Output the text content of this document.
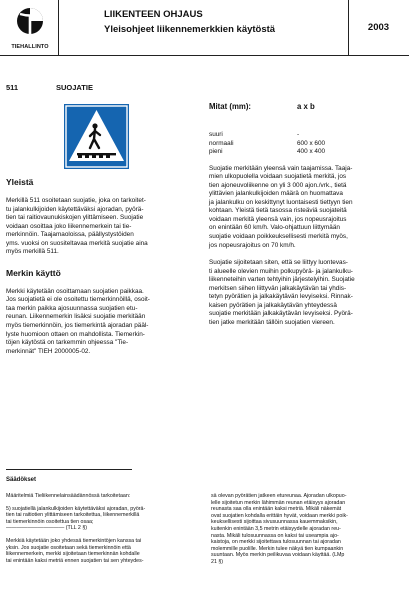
TIEHALLINTO
LIIKENTEEN OHJAUS
Yleisohjeet liikennemerkkien käytöstä	2003
511	SUOJATIE
Yleistä

Merkillä 511 osoitetaan suojatie, joka on tarkoitet-
tu jalankulkijoiden käytettäväksi ajoradan, pyörä-
tien tai raitiovaunukiskojen ylittämiseen. Suojatie
voidaan osoittaa joko liikennemerkein tai tie-
merkinnöin. Taajamaoloissa, päällystystöiden
yms. vuoksi on suositeltavaa merkitä suojatie aina
myös merkillä 511.

Merkin käyttö

Merkki käytetään osoittamaan suojatien paikkaa.
Jos suojatietä ei ole osoitettu tiemerkinnöillä, osoit-
taa merkin paikka ajosuunnassa suojatien etu-
reunan. Liikennemerkin lisäksi suojatie merkitään
myös tiemerkinnöin, jos tiemerkintä ajoradan pääl-
lyste huomioon ottaen on mahdollista. Tiemerkin-
töjen käytöstä on tarkemmin ohjeessa "Tie-
merkinnät" TIEH 2000005-02.

Mitat (mm):	a x b

suuri	-
normaali	600 x 600
pieni	400 x 400

Suojatie merkitään yleensä vain taajamissa. Taaja-
mien ulkopuolella voidaan suojatietä merkitä, jos
tien ajoneuvoliikenne on yli 3 000 ajon./vrk., tietä
ylittävien jalankulkijoiden määrä on huomattava
ja jalankulku on keskittynyt luontaisesti tiettyyn tien
kohtaan. Yleistä tietä tasossa risteäviä suojateitä
voidaan merkitä yleensä vain, jos nopeusrajoitus
on enintään 60 km/h. Valo-ohjattuun liittymään
suojatie voidaan poikkeuksellisesti merkitä myös,
jos nopeusrajoitus on 70 km/h.

Suojatie sijoitetaan siten, että se liittyy luontevas-
ti alueelle olevien muihin polkupyörä- ja jalankulku-
liikenneteihin varten tehtyihin järjestelyihin. Suojatie
merkitsen siihen liittyvän jalkakäytävän tai yhdis-
tetyn pyörätien ja jalkakäytävän levyiseksi. Rinnak-
kaisen pyörätien ja jalkakäytävän yhteydessä
suojatie merkitään jalkakäytävän levyiseksi. Pyörä-
tien jatke merkitään tällöin suojatien viereen.

Säädökset

Määritelmiä Tieliikennelainsäädännössä tarkoitetaan:

5) suojatiellä jalankulkijoiden käytettäväksi ajoradan, pyörä-
tien tai raitiotien ylittämiseen tarkoitettua, liikennemerkillä
tai tiemerkinnöin osoitettua tien osaa;
——————————— (TLL 2 §)

Merkkiä käytetään joko yhdessä tiemerkintöjen kanssa tai
yksin. Jos suojatie osoitetaan sekä tiemerkinnöin että
liikennemerkein, merkki sijoitetaan tiemerkinnän kohdalle
tai enintään kaksi metriä ennen suojatien tai sen yhteydes-

sä olevan pyörätien jatkeen etureunaa. Ajoradan ulkopuo-
lelle sijoitetun merkin lähimmän reunan etäisyys ajoradan
reunasta saa olla enintään kaksi metriä. Mikäli näkemät
ovat suojatien kohdalla erittäin hyvät, voidaan merkki poik-
keuksellisesti sijoittaa sivusuunnassa kauemmaksikin,
kuitenkin enintään 3,5 metrin etäisyydelle ajoradan reu-
nasta. Mikäli tulosuunnassa on kaksi tai useampia ajo-
kaistoja, on merkki sijoitettava tulosuunnan tai ajoradan
molemmille puolille. Merkin tulee näkyä tien kumpaankin
suuntaan. Myös merkin peilikuvaa voidaan käyttää. (LMp
21 §)
